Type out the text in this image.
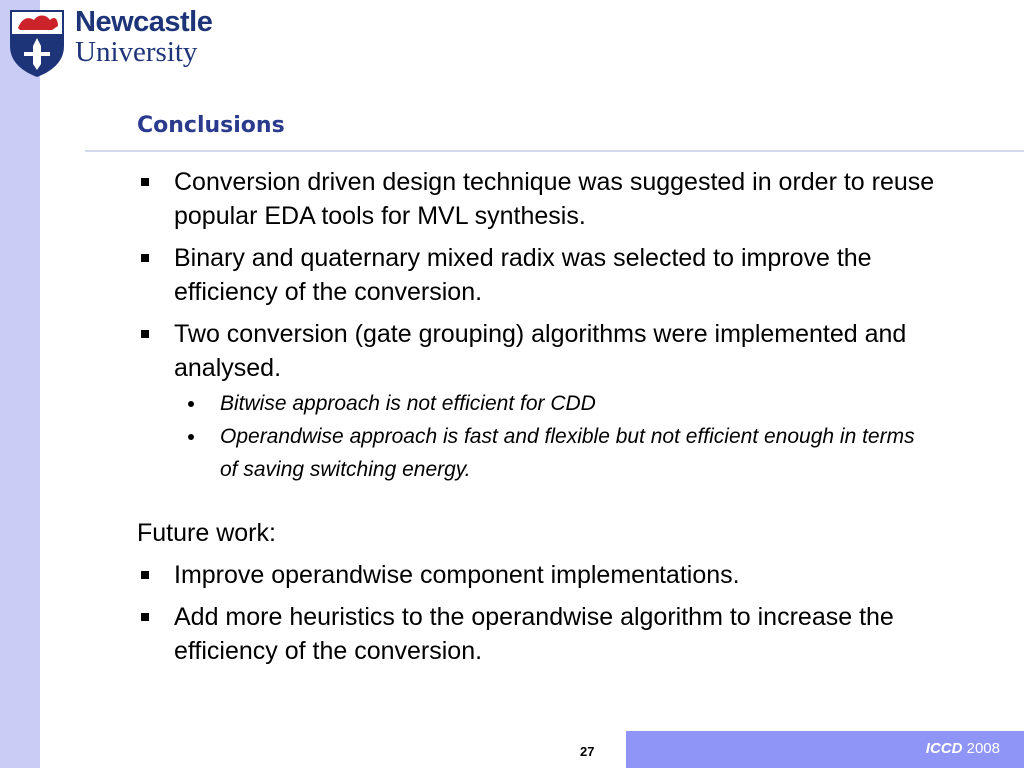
Newcastle
University
Conclusions
Conversion driven design technique was suggested in order to reuse popular EDA tools for MVL synthesis.
Binary and quaternary mixed radix was selected to improve the efficiency of the conversion.
Two conversion (gate grouping) algorithms were implemented and analysed.
Bitwise approach is not efficient for CDD
Operandwise approach is fast and flexible but not efficient enough in terms of saving switching energy.
Future work:
Improve operandwise component implementations.
Add more heuristics to the operandwise algorithm to increase the efficiency of the conversion.
27	ICCD 2008
